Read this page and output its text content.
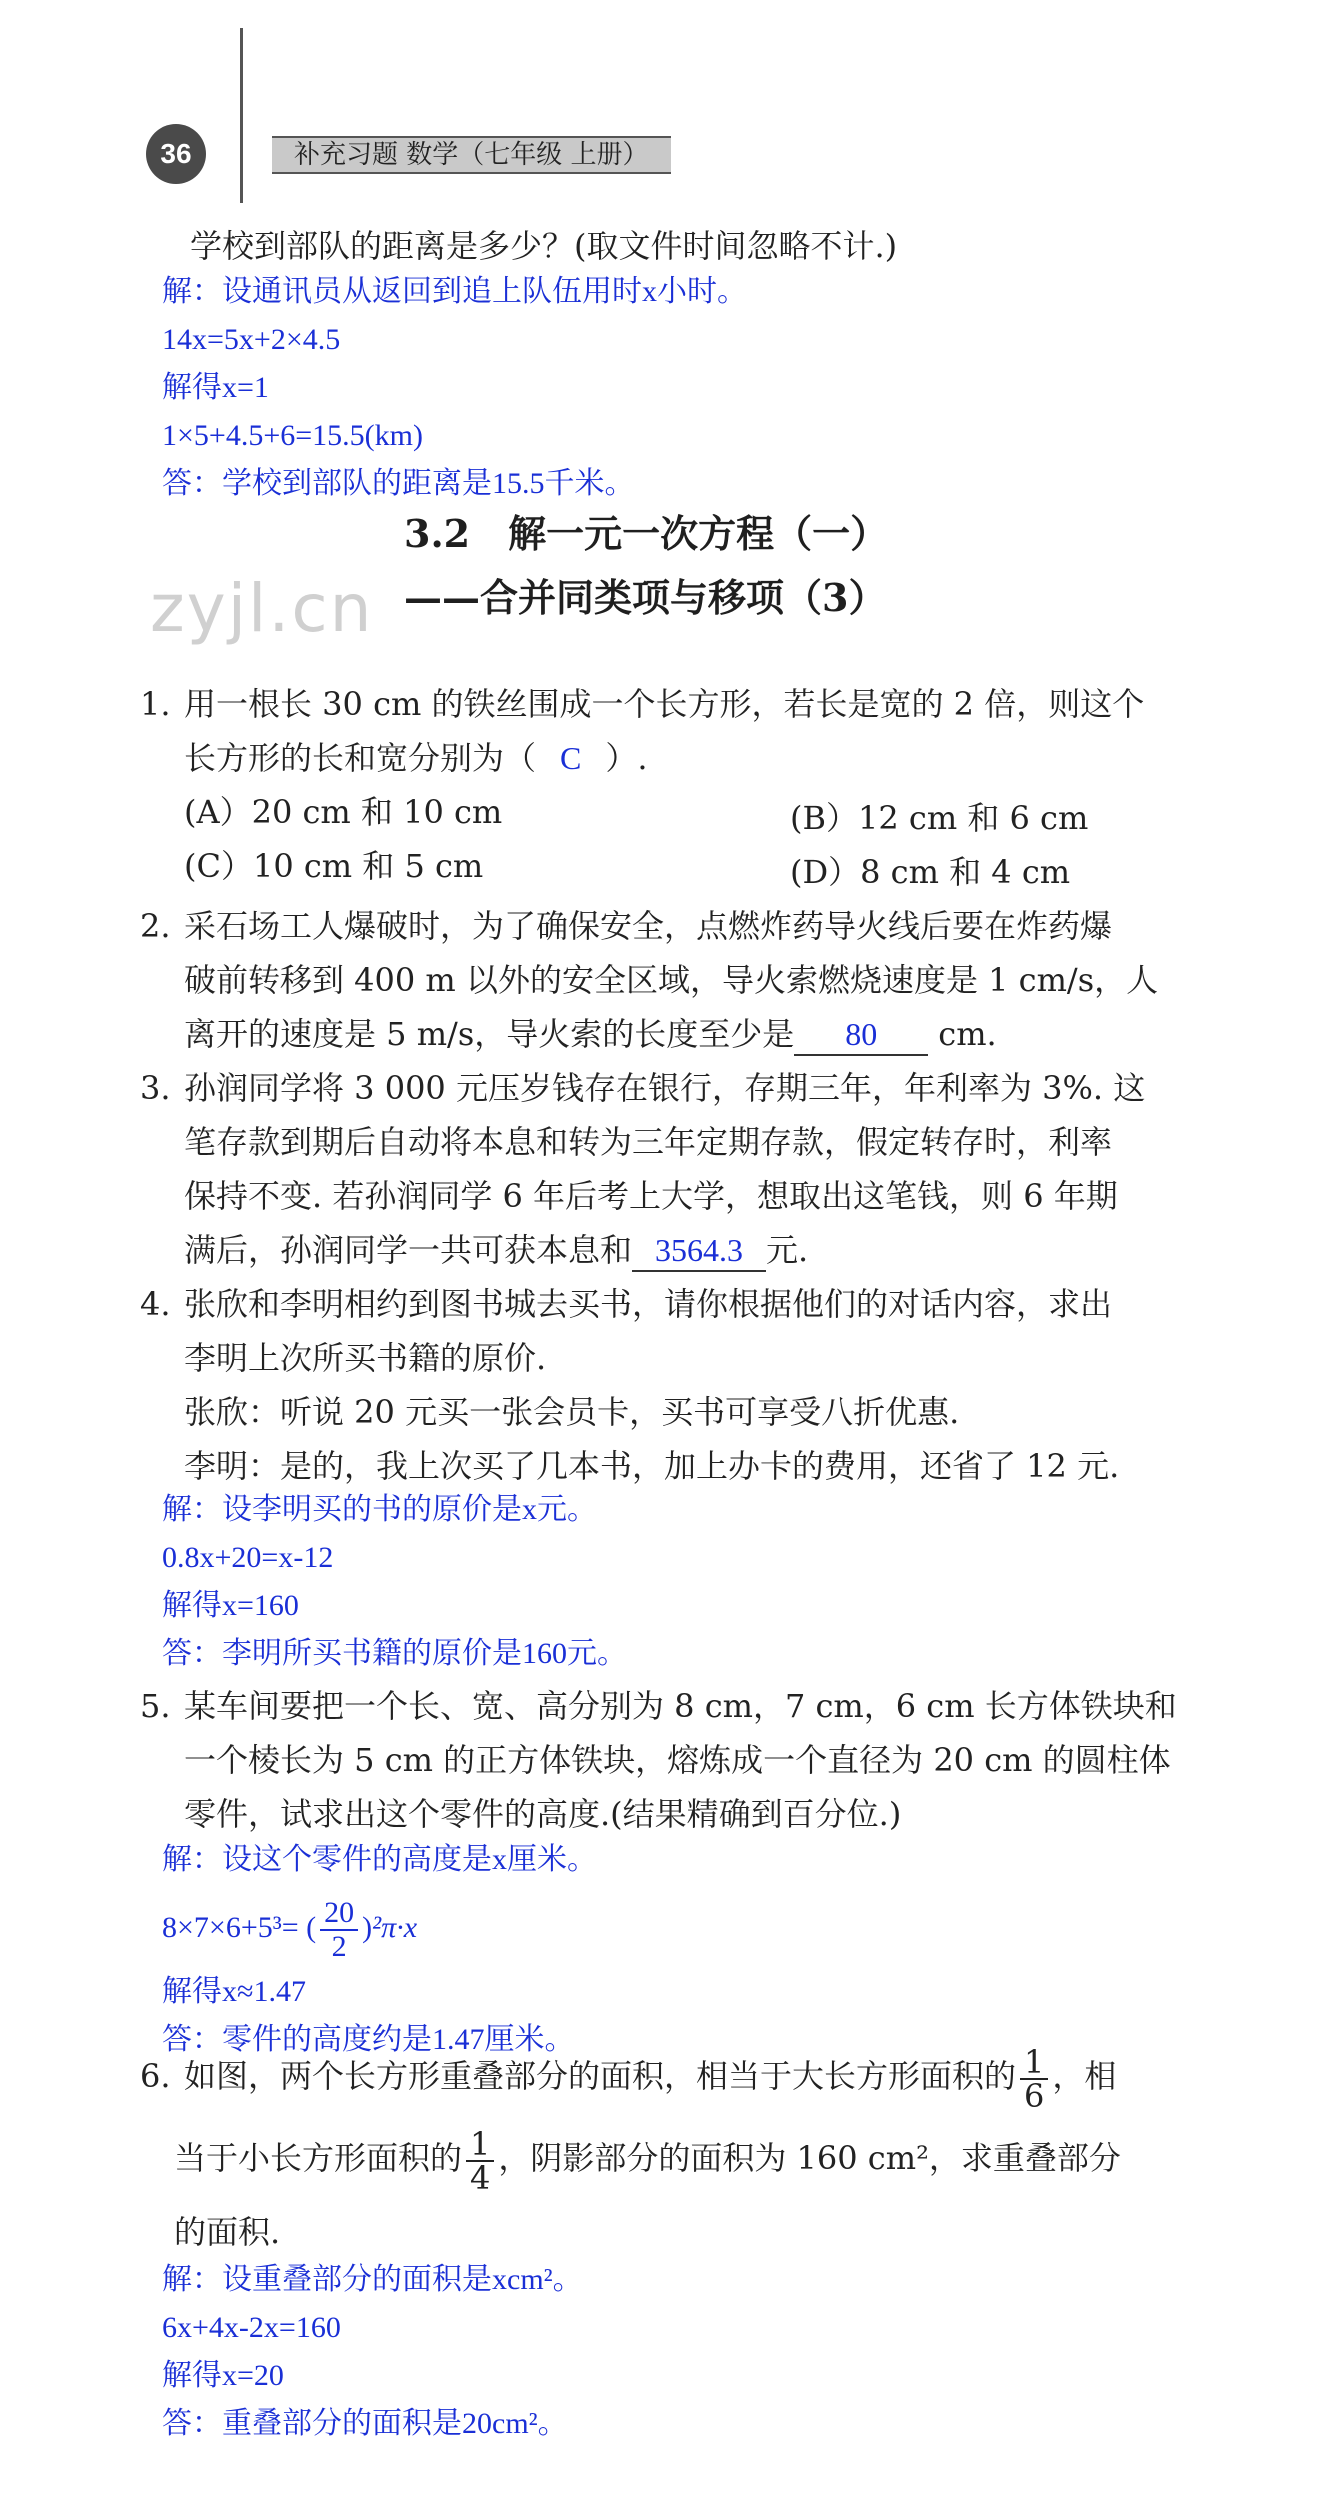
36	补充习题 数学（七年级 上册）
zyjl.cn
学校到部队的距离是多少？(取文件时间忽略不计.)
解：设通讯员从返回到追上队伍用时x小时。
14x=5x+2×4.5
解得x=1
1×5+4.5+6=15.5(km)
答：学校到部队的距离是15.5千米。
3.2　解一元一次方程（一）
——合并同类项与移项（3）
1. 用一根长 30 cm 的铁丝围成一个长方形，若长是宽的 2 倍，则这个
长方形的长和宽分别为（ C ）.
(A）20 cm 和 10 cm	(B）12 cm 和 6 cm
(C）10 cm 和 5 cm	(D）8 cm 和 4 cm
2. 采石场工人爆破时，为了确保安全，点燃炸药导火线后要在炸药爆
破前转移到 400 m 以外的安全区域，导火索燃烧速度是 1 cm/s，人
离开的速度是 5 m/s，导火索的长度至少是 80 cm.
3. 孙润同学将 3 000 元压岁钱存在银行，存期三年，年利率为 3%. 这
笔存款到期后自动将本息和转为三年定期存款，假定转存时，利率
保持不变. 若孙润同学 6 年后考上大学，想取出这笔钱，则 6 年期
满后，孙润同学一共可获本息和 3564.3 元.
4. 张欣和李明相约到图书城去买书，请你根据他们的对话内容，求出
李明上次所买书籍的原价.
张欣：听说 20 元买一张会员卡，买书可享受八折优惠.
李明：是的，我上次买了几本书，加上办卡的费用，还省了 12 元.
解：设李明买的书的原价是x元。
0.8x+20=x-12
解得x=160
答：李明所买书籍的原价是160元。
5. 某车间要把一个长、宽、高分别为 8 cm，7 cm，6 cm 长方体铁块和
一个棱长为 5 cm 的正方体铁块，熔炼成一个直径为 20 cm 的圆柱体
零件，试求出这个零件的高度.(结果精确到百分位.)
解：设这个零件的高度是x厘米。
8×7×6+5³= ( $\frac{20}{2} )^2\pi\cdot x$
解得x≈1.47
答：零件的高度约是1.47厘米。
6. 如图，两个长方形重叠部分的面积，相当于大长方形面积的 $\frac{1}{6}$ ，相
当于小长方形面积的 $\frac{1}{4}$ ，阴影部分的面积为 160 cm²，求重叠部分
的面积.
解：设重叠部分的面积是xcm²。
6x+4x-2x=160
解得x=20
答：重叠部分的面积是20cm²。
